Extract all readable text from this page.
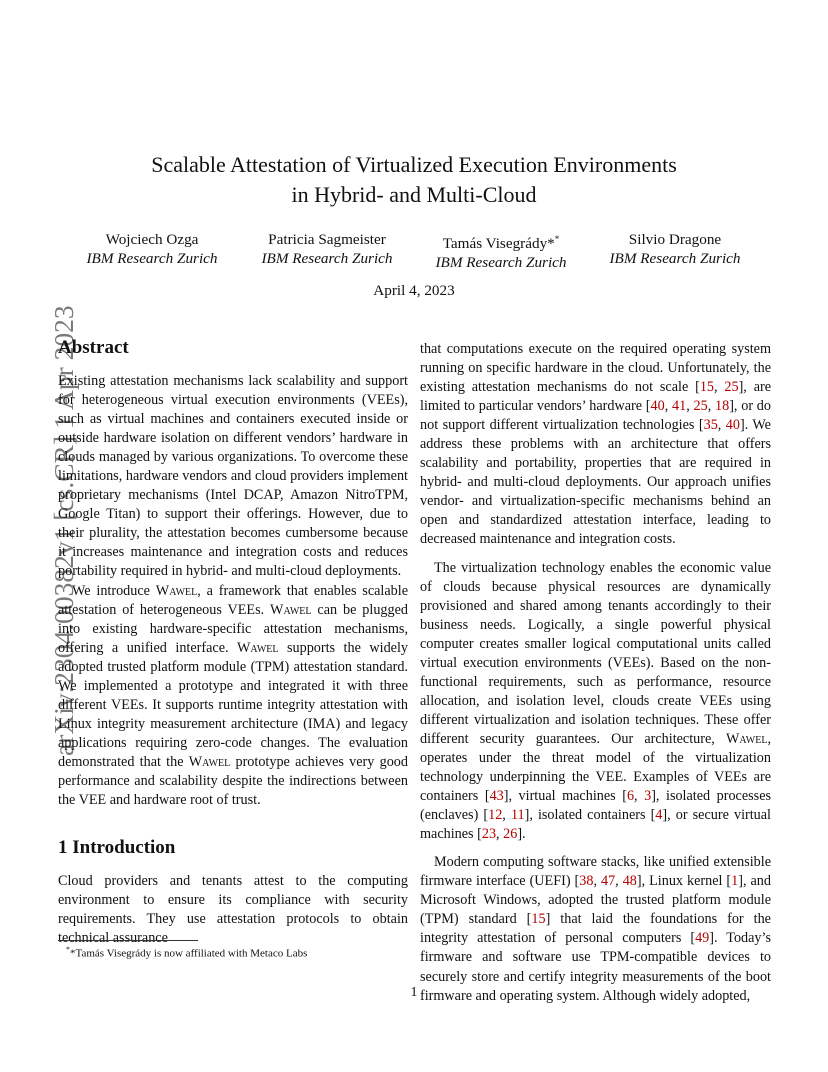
arXiv:2304.00382v1 [cs.CR] 1 Apr 2023
Scalable Attestation of Virtualized Execution Environments
in Hybrid- and Multi-Cloud
Wojciech Ozga
IBM Research Zurich
Patricia Sagmeister
IBM Research Zurich
Tamás Visegrády**
IBM Research Zurich
Silvio Dragone
IBM Research Zurich
April 4, 2023
Abstract

Existing attestation mechanisms lack scalability and support for heterogeneous virtual execution environments (VEEs), such as virtual machines and containers executed inside or outside hardware isolation on different vendors’ hardware in clouds managed by various organizations. To overcome these limitations, hardware vendors and cloud providers implement proprietary mechanisms (Intel DCAP, Amazon NitroTPM, Google Titan) to support their offerings. However, due to their plurality, the attestation becomes cumbersome because it increases maintenance and integration costs and reduces portability required in hybrid- and multi-cloud deployments.

We introduce Wawel, a framework that enables scalable attestation of heterogeneous VEEs. Wawel can be plugged into existing hardware-specific attestation mechanisms, offering a unified interface. Wawel supports the widely adopted trusted platform module (TPM) attestation standard. We implemented a prototype and integrated it with three different VEEs. It supports runtime integrity attestation with Linux integrity measurement architecture (IMA) and legacy applications requiring zero-code changes. The evaluation demonstrated that the Wawel prototype achieves very good performance and scalability despite the indirections between the VEE and hardware root of trust.

1 Introduction

Cloud providers and tenants attest to the computing environment to ensure its compliance with security requirements. They use attestation protocols to obtain technical assurance

that computations execute on the required operating system running on specific hardware in the cloud. Unfortunately, the existing attestation mechanisms do not scale [15, 25], are limited to particular vendors’ hardware [40, 41, 25, 18], or do not support different virtualization technologies [35, 40]. We address these problems with an architecture that offers scalability and portability, properties that are required in hybrid- and multi-cloud deployments. Our approach unifies vendor- and virtualization-specific mechanisms behind an open and standardized attestation interface, leading to decreased maintenance and integration costs.

The virtualization technology enables the economic value of clouds because physical resources are dynamically provisioned and shared among tenants accordingly to their business needs. Logically, a single powerful physical computer creates smaller logical computational units called virtual execution environments (VEEs). Based on the non-functional requirements, such as performance, resource allocation, and isolation level, clouds create VEEs using different virtualization and isolation techniques. These offer different security guarantees. Our architecture, Wawel, operates under the threat model of the virtualization technology underpinning the VEE. Examples of VEEs are containers [43], virtual machines [6, 3], isolated processes (enclaves) [12, 11], isolated containers [4], or secure virtual machines [23, 26].

Modern computing software stacks, like unified extensible firmware interface (UEFI) [38, 47, 48], Linux kernel [1], and Microsoft Windows, adopted the trusted platform module (TPM) standard [15] that laid the foundations for the integrity attestation of personal computers [49]. Today’s firmware and software use TPM-compatible devices to securely store and certify integrity measurements of the boot firmware and operating system. Although widely adopted,

**Tamás Visegrády is now affiliated with Metaco Labs
1
